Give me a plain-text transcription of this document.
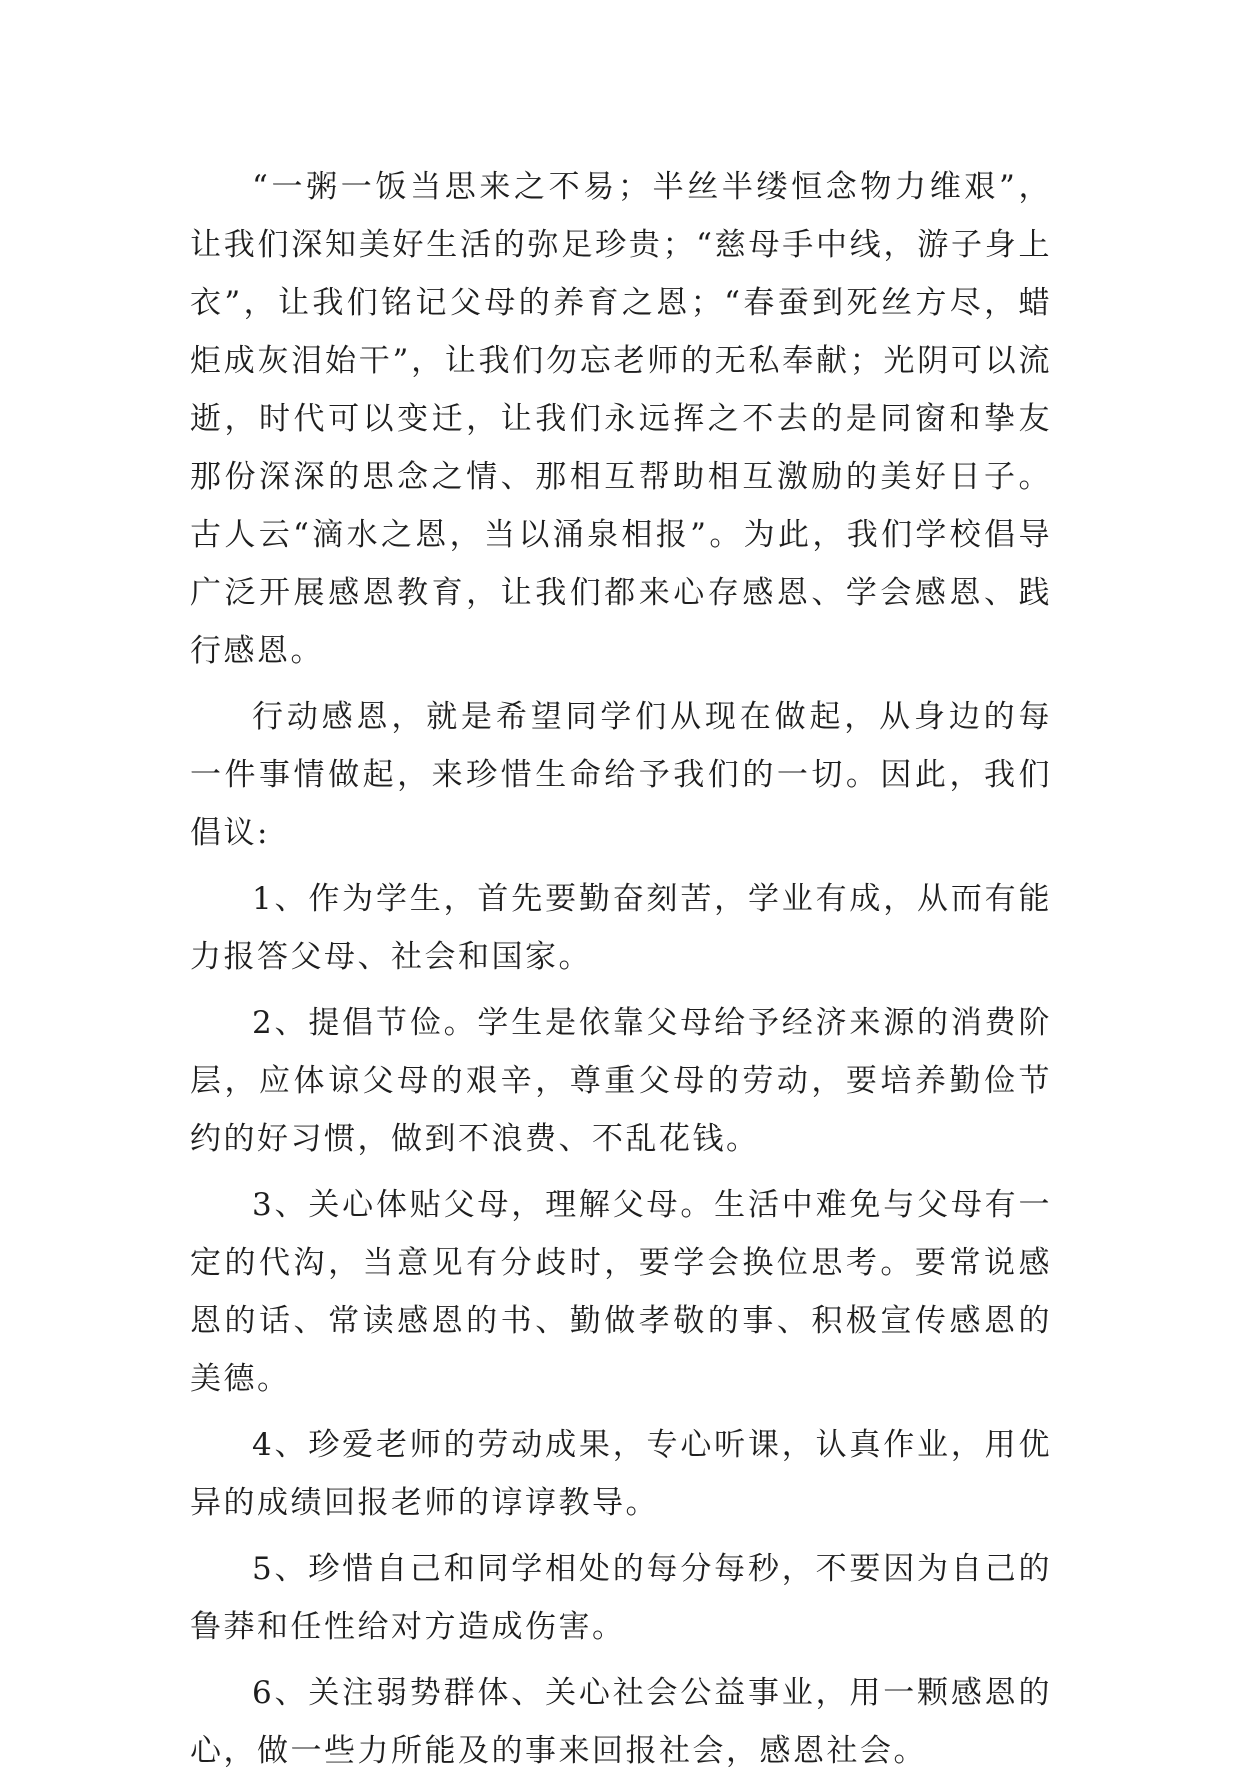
“一粥一饭当思来之不易；半丝半缕恒念物力维艰”，让我们深知美好生活的弥足珍贵；“慈母手中线，游子身上衣”，让我们铭记父母的养育之恩；“春蚕到死丝方尽，蜡炬成灰泪始干”，让我们勿忘老师的无私奉献；光阴可以流逝，时代可以变迁，让我们永远挥之不去的是同窗和挚友那份深深的思念之情、那相互帮助相互激励的美好日子。古人云“滴水之恩，当以涌泉相报”。为此，我们学校倡导广泛开展感恩教育，让我们都来心存感恩、学会感恩、践行感恩。

行动感恩，就是希望同学们从现在做起，从身边的每一件事情做起，来珍惜生命给予我们的一切。因此，我们倡议:

1、作为学生，首先要勤奋刻苦，学业有成，从而有能力报答父母、社会和国家。

2、提倡节俭。学生是依靠父母给予经济来源的消费阶层，应体谅父母的艰辛，尊重父母的劳动，要培养勤俭节约的好习惯，做到不浪费、不乱花钱。

3、关心体贴父母，理解父母。生活中难免与父母有一定的代沟，当意见有分歧时，要学会换位思考。要常说感恩的话、常读感恩的书、勤做孝敬的事、积极宣传感恩的美德。

4、珍爱老师的劳动成果，专心听课，认真作业，用优异的成绩回报老师的谆谆教导。

5、珍惜自己和同学相处的每分每秒，不要因为自己的鲁莽和任性给对方造成伤害。

6、关注弱势群体、关心社会公益事业，用一颗感恩的心，做一些力所能及的事来回报社会，感恩社会。
